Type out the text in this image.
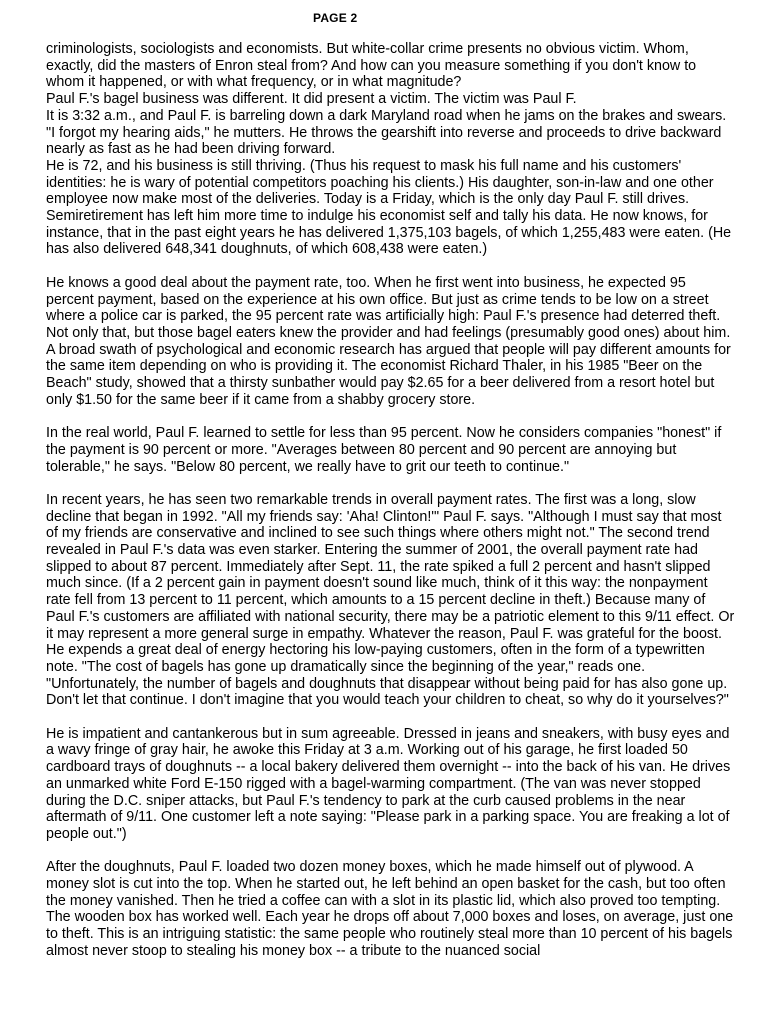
PAGE 2

criminologists, sociologists and economists. But white-collar crime presents no obvious victim. Whom, exactly, did the masters of Enron steal from? And how can you measure something if you don't know to whom it happened, or with what frequency, or in what magnitude?

Paul F.'s bagel business was different. It did present a victim. The victim was Paul F.

It is 3:32 a.m., and Paul F. is barreling down a dark Maryland road when he jams on the brakes and swears. "I forgot my hearing aids," he mutters. He throws the gearshift into reverse and proceeds to drive backward nearly as fast as he had been driving forward.

He is 72, and his business is still thriving. (Thus his request to mask his full name and his customers' identities: he is wary of potential competitors poaching his clients.) His daughter, son-in-law and one other employee now make most of the deliveries. Today is a Friday, which is the only day Paul F. still drives. Semiretirement has left him more time to indulge his economist self and tally his data. He now knows, for instance, that in the past eight years he has delivered 1,375,103 bagels, of which 1,255,483 were eaten. (He has also delivered 648,341 doughnuts, of which 608,438 were eaten.)

He knows a good deal about the payment rate, too. When he first went into business, he expected 95 percent payment, based on the experience at his own office. But just as crime tends to be low on a street where a police car is parked, the 95 percent rate was artificially high: Paul F.'s presence had deterred theft. Not only that, but those bagel eaters knew the provider and had feelings (presumably good ones) about him. A broad swath of psychological and economic research has argued that people will pay different amounts for the same item depending on who is providing it. The economist Richard Thaler, in his 1985 "Beer on the Beach" study, showed that a thirsty sunbather would pay $2.65 for a beer delivered from a resort hotel but only $1.50 for the same beer if it came from a shabby grocery store.

In the real world, Paul F. learned to settle for less than 95 percent. Now he considers companies "honest" if the payment is 90 percent or more. "Averages between 80 percent and 90 percent are annoying but tolerable," he says. "Below 80 percent, we really have to grit our teeth to continue."

In recent years, he has seen two remarkable trends in overall payment rates. The first was a long, slow decline that began in 1992. "All my friends say: 'Aha! Clinton!'" Paul F. says. "Although I must say that most of my friends are conservative and inclined to see such things where others might not." The second trend revealed in Paul F.'s data was even starker. Entering the summer of 2001, the overall payment rate had slipped to about 87 percent. Immediately after Sept. 11, the rate spiked a full 2 percent and hasn't slipped much since. (If a 2 percent gain in payment doesn't sound like much, think of it this way: the nonpayment rate fell from 13 percent to 11 percent, which amounts to a 15 percent decline in theft.) Because many of Paul F.'s customers are affiliated with national security, there may be a patriotic element to this 9/11 effect. Or it may represent a more general surge in empathy. Whatever the reason, Paul F. was grateful for the boost. He expends a great deal of energy hectoring his low-paying customers, often in the form of a typewritten note. "The cost of bagels has gone up dramatically since the beginning of the year," reads one. "Unfortunately, the number of bagels and doughnuts that disappear without being paid for has also gone up. Don't let that continue. I don't imagine that you would teach your children to cheat, so why do it yourselves?"

He is impatient and cantankerous but in sum agreeable. Dressed in jeans and sneakers, with busy eyes and a wavy fringe of gray hair, he awoke this Friday at 3 a.m. Working out of his garage, he first loaded 50 cardboard trays of doughnuts -- a local bakery delivered them overnight -- into the back of his van. He drives an unmarked white Ford E-150 rigged with a bagel-warming compartment. (The van was never stopped during the D.C. sniper attacks, but Paul F.'s tendency to park at the curb caused problems in the near aftermath of 9/11. One customer left a note saying: "Please park in a parking space. You are freaking a lot of people out.")

After the doughnuts, Paul F. loaded two dozen money boxes, which he made himself out of plywood. A money slot is cut into the top. When he started out, he left behind an open basket for the cash, but too often the money vanished. Then he tried a coffee can with a slot in its plastic lid, which also proved too tempting. The wooden box has worked well. Each year he drops off about 7,000 boxes and loses, on average, just one to theft. This is an intriguing statistic: the same people who routinely steal more than 10 percent of his bagels almost never stoop to stealing his money box -- a tribute to the nuanced social
